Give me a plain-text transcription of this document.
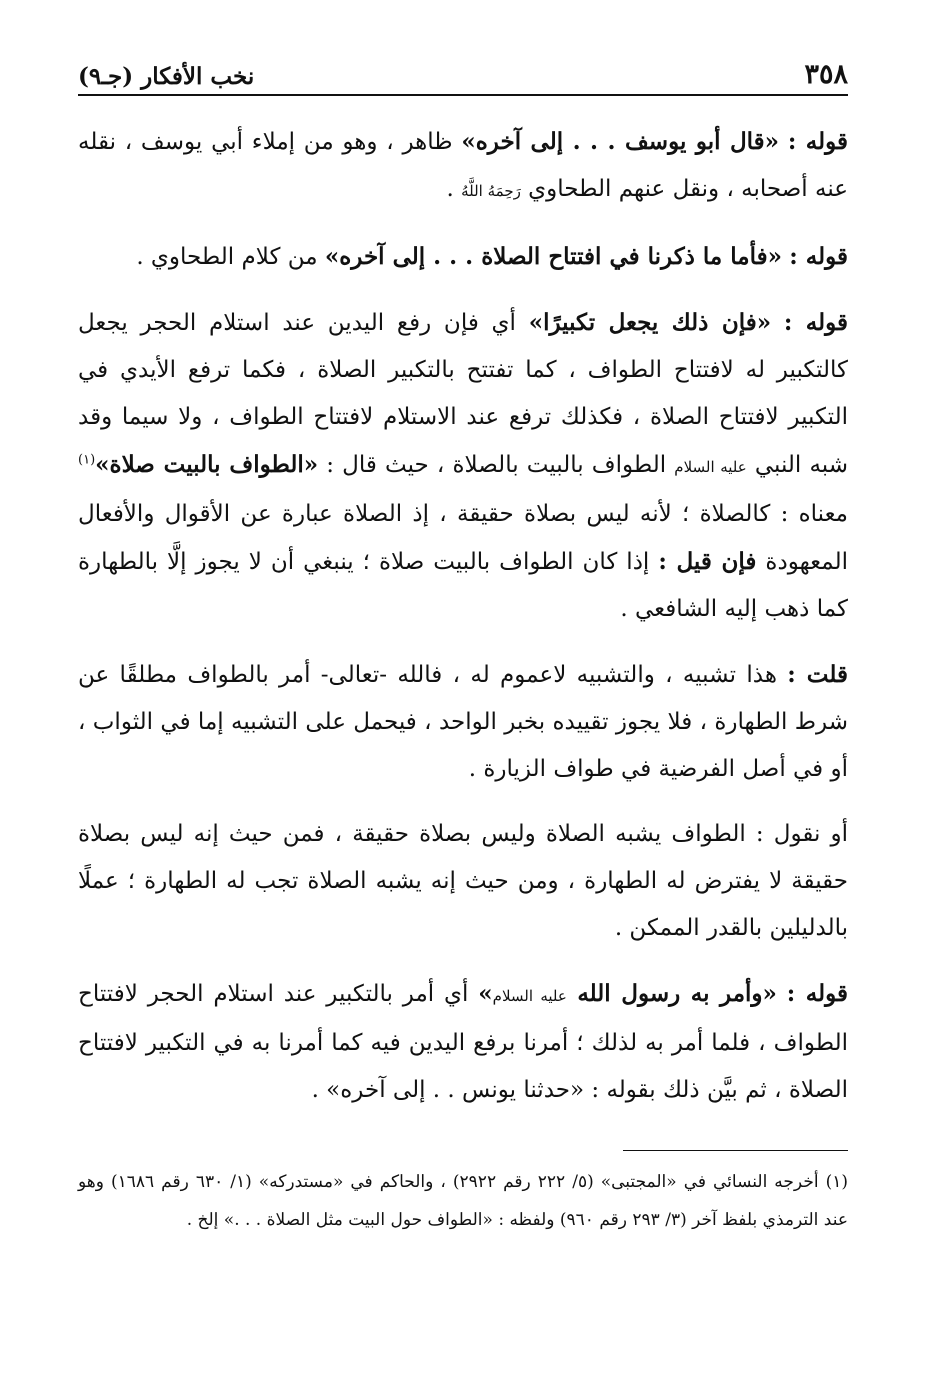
٣٥٨
نخب الأفكار (جـ٩)

قوله : «قال أبو يوسف . . . إلى آخره» ظاهر ، وهو من إملاء أبي يوسف ، نقله عنه أصحابه ، ونقل عنهم الطحاوي رَحِمَهُ اللَّهُ .

قوله : «فأما ما ذكرنا في افتتاح الصلاة . . . إلى آخره» من كلام الطحاوي .

قوله : «فإن ذلك يجعل تكبيرًا» أي فإن رفع اليدين عند استلام الحجر يجعل كالتكبير له لافتتاح الطواف ، كما تفتتح بالتكبير الصلاة ، فكما ترفع الأيدي في التكبير لافتتاح الصلاة ، فكذلك ترفع عند الاستلام لافتتاح الطواف ، ولا سيما وقد شبه النبي عليه السلام الطواف بالبيت بالصلاة ، حيث قال : «الطواف بالبيت صلاة»$^{(١)}$ معناه : كالصلاة ؛ لأنه ليس بصلاة حقيقة ، إذ الصلاة عبارة عن الأقوال والأفعال المعهودة فإن قيل : إذا كان الطواف بالبيت صلاة ؛ ينبغي أن لا يجوز إلَّا بالطهارة كما ذهب إليه الشافعي .

قلت : هذا تشبيه ، والتشبيه لاعموم له ، فالله -تعالى- أمر بالطواف مطلقًا عن شرط الطهارة ، فلا يجوز تقييده بخبر الواحد ، فيحمل على التشبيه إما في الثواب ، أو في أصل الفرضية في طواف الزيارة .

أو نقول : الطواف يشبه الصلاة وليس بصلاة حقيقة ، فمن حيث إنه ليس بصلاة حقيقة لا يفترض له الطهارة ، ومن حيث إنه يشبه الصلاة تجب له الطهارة ؛ عملًا بالدليلين بالقدر الممكن .

قوله : «وأمر به رسول الله عليه السلام» أي أمر بالتكبير عند استلام الحجر لافتتاح الطواف ، فلما أمر به لذلك ؛ أمرنا برفع اليدين فيه كما أمرنا به في التكبير لافتتاح الصلاة ، ثم بيَّن ذلك بقوله : «حدثنا يونس . . إلى آخره» .

(١) أخرجه النسائي في «المجتبى» (٥/ ٢٢٢ رقم ٢٩٢٢) ، والحاكم في «مستدركه» (١/ ٦٣٠ رقم ١٦٨٦) وهو عند الترمذي بلفظ آخر (٣/ ٢٩٣ رقم ٩٦٠) ولفظه : «الطواف حول البيت مثل الصلاة . . .» إلخ .
